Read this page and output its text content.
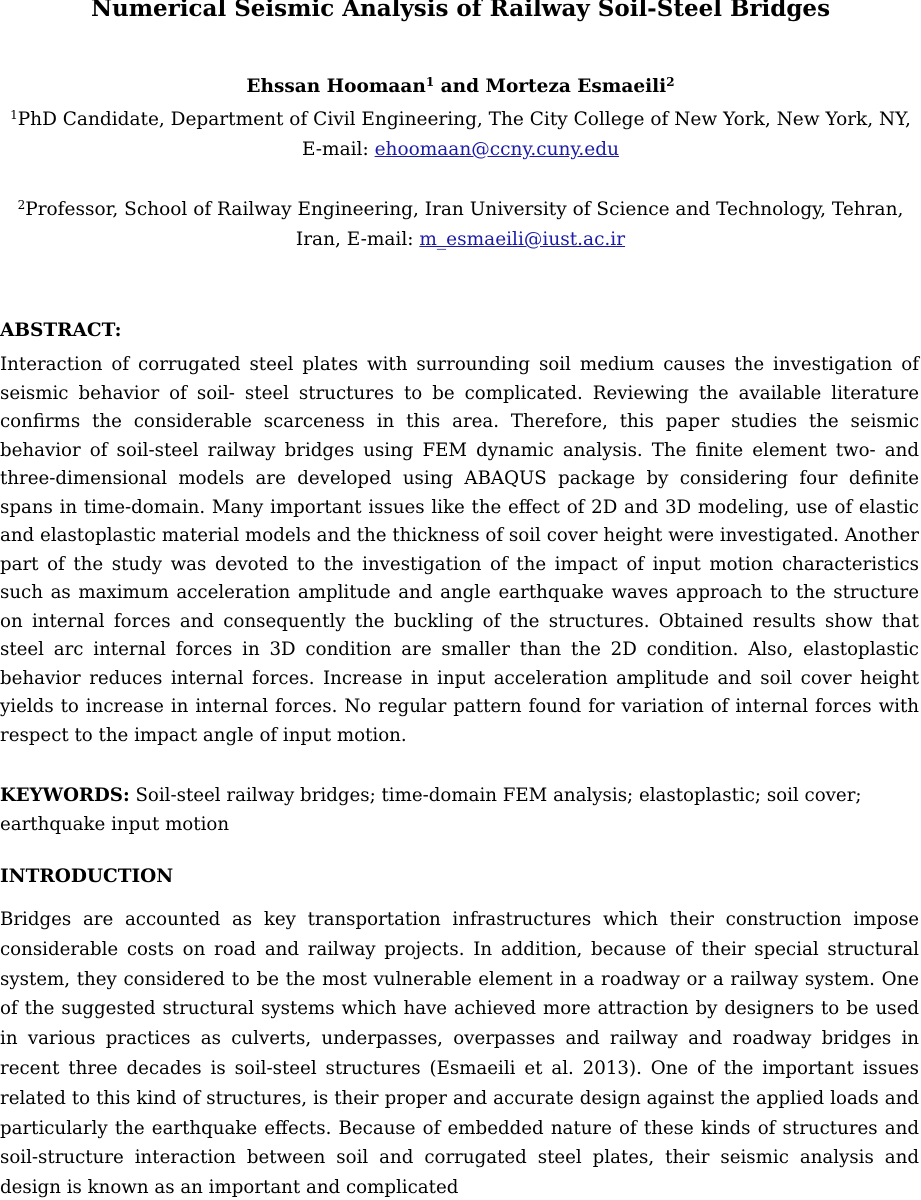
Numerical Seismic Analysis of Railway Soil-Steel Bridges
Ehssan Hoomaan$^1$ and Morteza Esmaeili$^2$
$^1$PhD Candidate, Department of Civil Engineering, The City College of New York, New York, NY, E-mail: ehoomaan@ccny.cuny.edu
$^2$Professor, School of Railway Engineering, Iran University of Science and Technology, Tehran, Iran, E-mail: m_esmaeili@iust.ac.ir
ABSTRACT:
Interaction of corrugated steel plates with surrounding soil medium causes the investigation of seismic behavior of soil- steel structures to be complicated. Reviewing the available literature confirms the considerable scarceness in this area. Therefore, this paper studies the seismic behavior of soil-steel railway bridges using FEM dynamic analysis. The finite element two- and three-dimensional models are developed using ABAQUS package by considering four definite spans in time-domain. Many important issues like the effect of 2D and 3D modeling, use of elastic and elastoplastic material models and the thickness of soil cover height were investigated. Another part of the study was devoted to the investigation of the impact of input motion characteristics such as maximum acceleration amplitude and angle earthquake waves approach to the structure on internal forces and consequently the buckling of the structures. Obtained results show that steel arc internal forces in 3D condition are smaller than the 2D condition. Also, elastoplastic behavior reduces internal forces. Increase in input acceleration amplitude and soil cover height yields to increase in internal forces. No regular pattern found for variation of internal forces with respect to the impact angle of input motion.
KEYWORDS: Soil-steel railway bridges; time-domain FEM analysis; elastoplastic; soil cover; earthquake input motion
INTRODUCTION
Bridges are accounted as key transportation infrastructures which their construction impose considerable costs on road and railway projects. In addition, because of their special structural system, they considered to be the most vulnerable element in a roadway or a railway system. One of the suggested structural systems which have achieved more attraction by designers to be used in various practices as culverts, underpasses, overpasses and railway and roadway bridges in recent three decades is soil-steel structures (Esmaeili et al. 2013). One of the important issues related to this kind of structures, is their proper and accurate design against the applied loads and particularly the earthquake effects. Because of embedded nature of these kinds of structures and soil-structure interaction between soil and corrugated steel plates, their seismic analysis and design is known as an important and complicated
